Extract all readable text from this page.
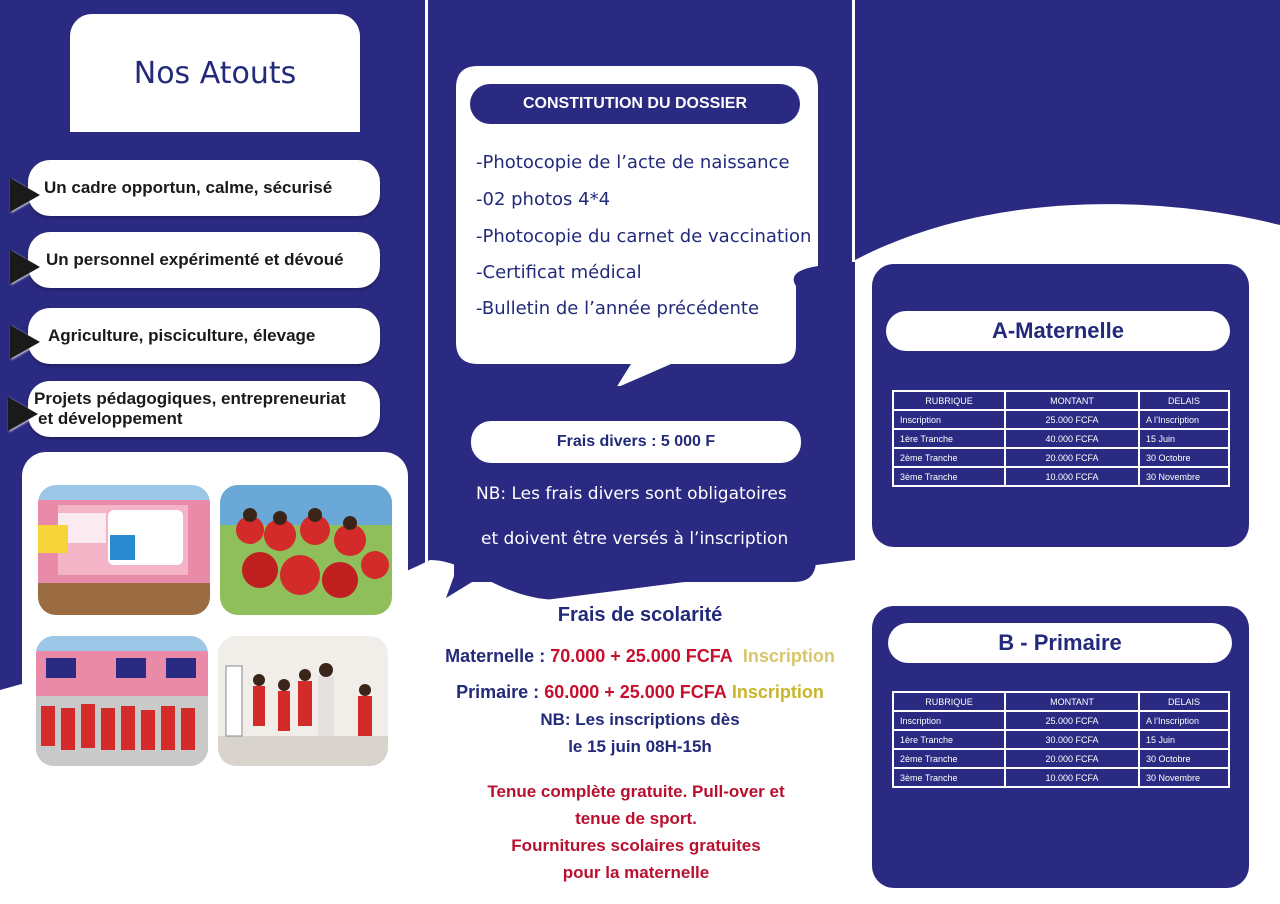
Nos Atouts
Un cadre opportun, calme, sécurisé
Un personnel expérimenté et dévoué
Agriculture, pisciculture, élevage
Projets pédagogiques, entrepreneuriat
et développement
CONSTITUTION DU DOSSIER
-Photocopie de l’acte de naissance
-02 photos 4*4
-Photocopie du carnet de vaccination
-Certificat médical
-Bulletin de l’année précédente
Frais divers : 5 000 F
NB: Les frais divers sont obligatoires
et doivent être versés à l’inscription
Frais de scolarité
Maternelle : 70.000 + 25.000 FCFA Inscription
Primaire : 60.000 + 25.000 FCFA Inscription
NB: Les inscriptions dès
le 15 juin 08H-15h
Tenue complète gratuite. Pull-over et
tenue de sport.
Fournitures scolaires gratuites
pour la maternelle
A-Maternelle
RUBRIQUE	MONTANT	DELAIS
Inscription	25.000 FCFA	A l’Inscription
1ère Tranche	40.000 FCFA	15 Juin
2ème Tranche	20.000 FCFA	30 Octobre
3ème Tranche	10.000 FCFA	30 Novembre
B - Primaire
RUBRIQUE	MONTANT	DELAIS
Inscription	25.000 FCFA	A l’Inscription
1ère Tranche	30.000 FCFA	15 Juin
2ème Tranche	20.000 FCFA	30 Octobre
3ème Tranche	10.000 FCFA	30 Novembre
